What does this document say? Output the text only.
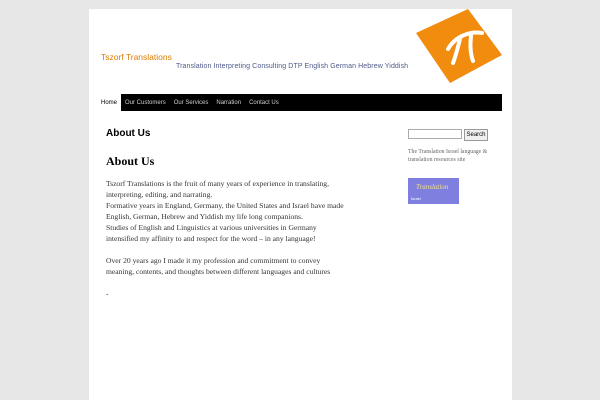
Tszorf Translations
Translation Interpreting Consulting DTP English German Hebrew Yiddish
Home	Our Customers	Our Services	Narration	Contact Us
About Us
About Us

Tszorf Translations is the fruit of many years of experience in translating,

interpreting, editing, and narrating.

Formative years in England, Germany, the United States and Israel have made

English, German, Hebrew and Yiddish my life long companions.

Studies of English and Linguistics at various universities in Germany

intensified my affinity to and respect for the word – in any language!

Over 20 years ago I made it my profession and commitment to convey

meaning, contents, and thoughts between different languages and cultures

-

Search
The Translation Israel language & translation resources site
Translation
Israel
